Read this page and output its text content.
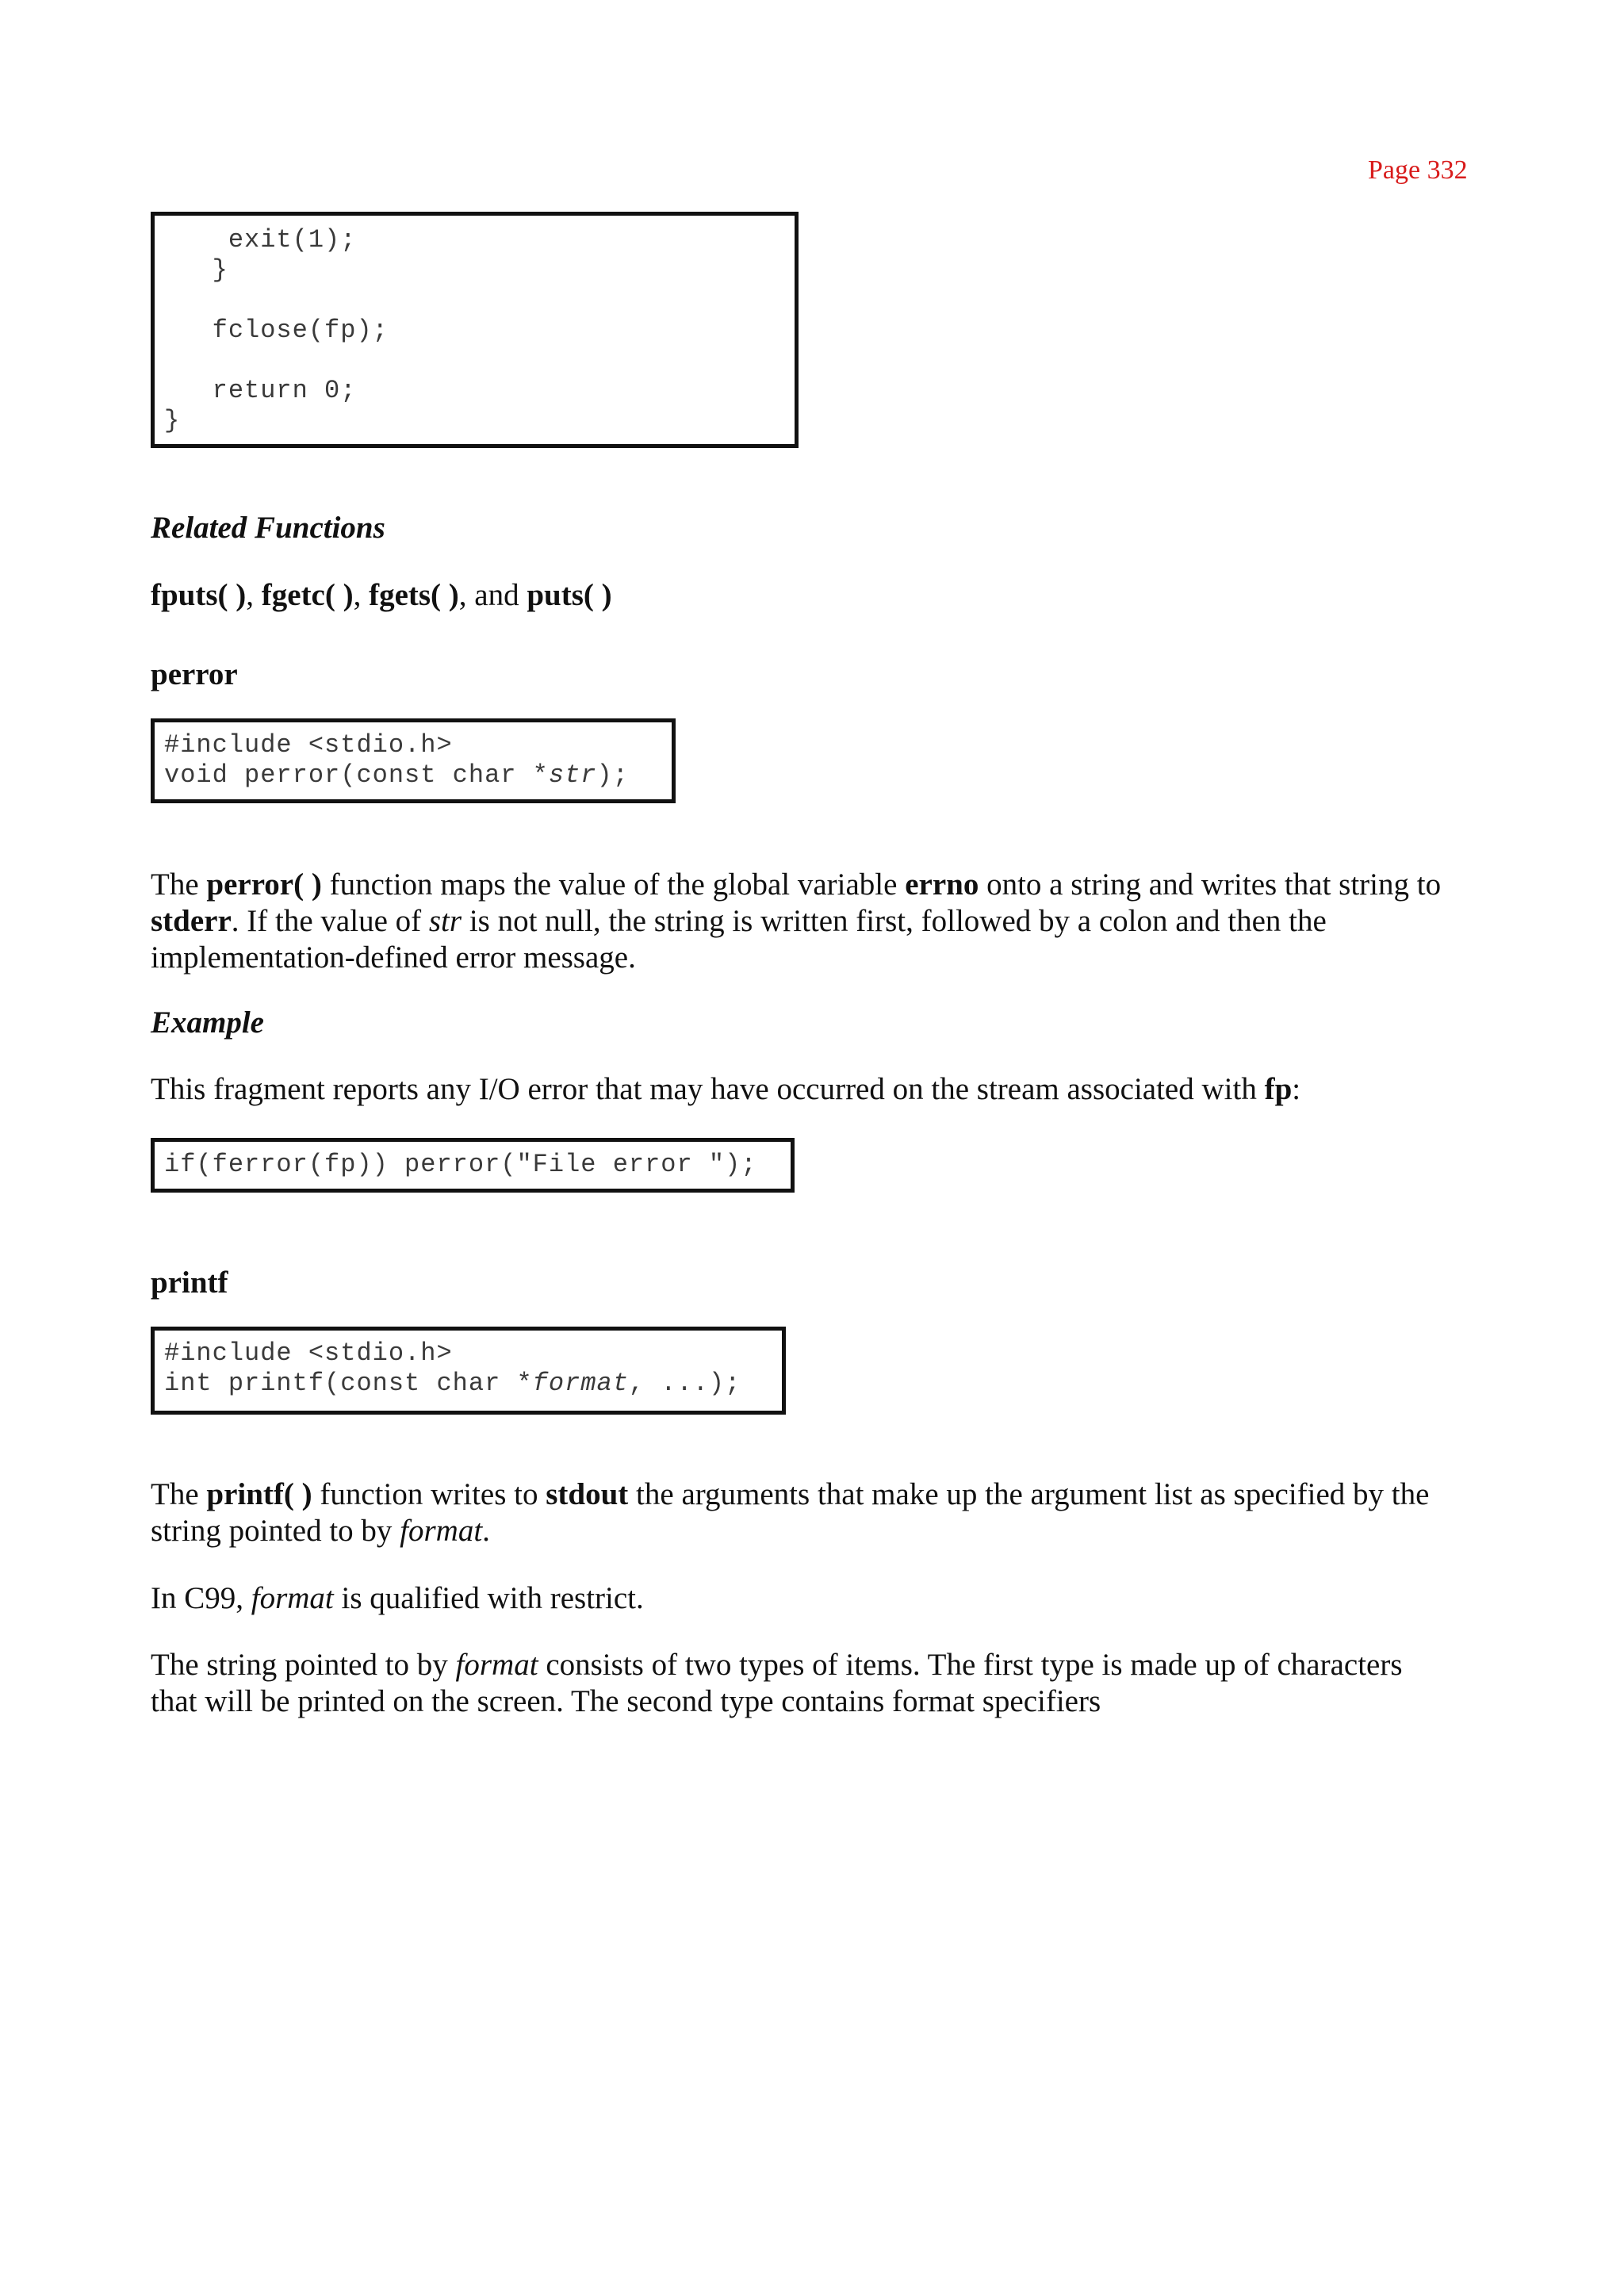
Page 332
exit(1);
}
fclose(fp);
return 0;
}
Related Functions
fputs( ), fgetc( ), fgets( ), and puts( )
perror
#include <stdio.h>
void perror(const char *str);
The perror( ) function maps the value of the global variable errno onto a string and writes that string to stderr. If the value of str is not null, the string is written first, followed by a colon and then the implementation-defined error message.
Example
This fragment reports any I/O error that may have occurred on the stream associated with fp:
if(ferror(fp)) perror("File error ");
printf
#include <stdio.h>
int printf(const char *format, ...);
The printf( ) function writes to stdout the arguments that make up the argument list as specified by the string pointed to by format.
In C99, format is qualified with restrict.
The string pointed to by format consists of two types of items. The first type is made up of characters that will be printed on the screen. The second type contains format specifiers
